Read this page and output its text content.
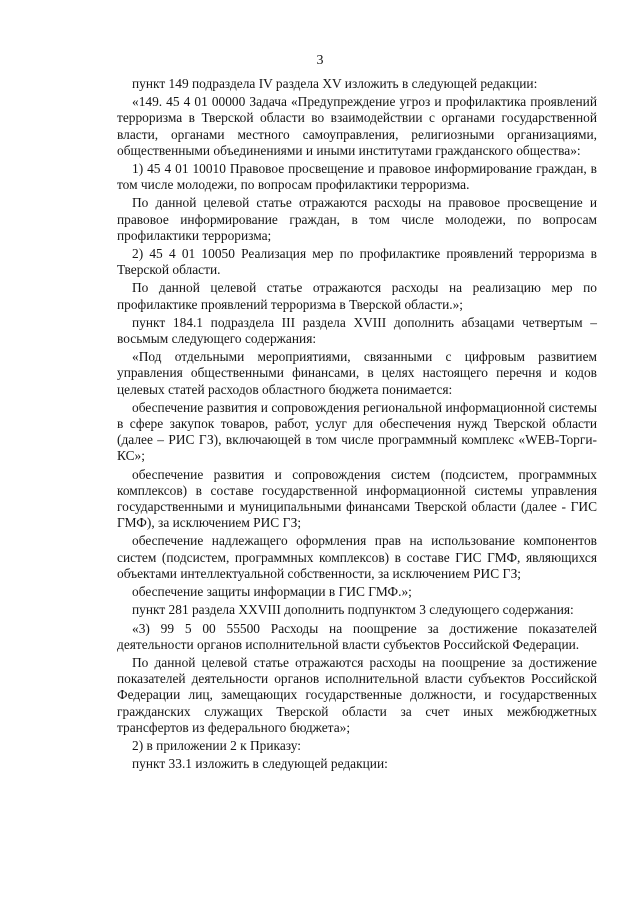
3

пункт 149 подраздела IV раздела XV изложить в следующей редакции:

«149. 45 4 01 00000 Задача «Предупреждение угроз и профилактика проявлений терроризма в Тверской области во взаимодействии с органами государственной власти, органами местного самоуправления, религиозными организациями, общественными объединениями и иными институтами гражданского общества»:

1) 45 4 01 10010 Правовое просвещение и правовое информирование граждан, в том числе молодежи, по вопросам профилактики терроризма.

По данной целевой статье отражаются расходы на правовое просвещение и правовое информирование граждан, в том числе молодежи, по вопросам профилактики терроризма;

2) 45 4 01 10050 Реализация мер по профилактике проявлений терроризма в Тверской области.

По данной целевой статье отражаются расходы на реализацию мер по профилактике проявлений терроризма в Тверской области.»;

пункт 184.1 подраздела III раздела XVIII дополнить абзацами четвертым – восьмым следующего содержания:

«Под отдельными мероприятиями, связанными с цифровым развитием управления общественными финансами, в целях настоящего перечня и кодов целевых статей расходов областного бюджета понимается:

обеспечение развития и сопровождения региональной информационной системы в сфере закупок товаров, работ, услуг для обеспечения нужд Тверской области (далее – РИС ГЗ), включающей в том числе программный комплекс «WEB-Торги-КС»;

обеспечение развития и сопровождения систем (подсистем, программных комплексов) в составе государственной информационной системы управления государственными и муниципальными финансами Тверской области (далее - ГИС ГМФ), за исключением РИС ГЗ;

обеспечение надлежащего оформления прав на использование компонентов систем (подсистем, программных комплексов) в составе ГИС ГМФ, являющихся объектами интеллектуальной собственности, за исключением РИС ГЗ;

обеспечение защиты информации в ГИС ГМФ.»;

пункт 281 раздела XXVIII дополнить подпунктом 3 следующего содержания:

«3) 99 5 00 55500 Расходы на поощрение за достижение показателей деятельности органов исполнительной власти субъектов Российской Федерации.

По данной целевой статье отражаются расходы на поощрение за достижение показателей деятельности органов исполнительной власти субъектов Российской Федерации лиц, замещающих государственные должности, и государственных гражданских служащих Тверской области за счет иных межбюджетных трансфертов из федерального бюджета»;

2) в приложении 2 к Приказу:

пункт 33.1 изложить в следующей редакции:
